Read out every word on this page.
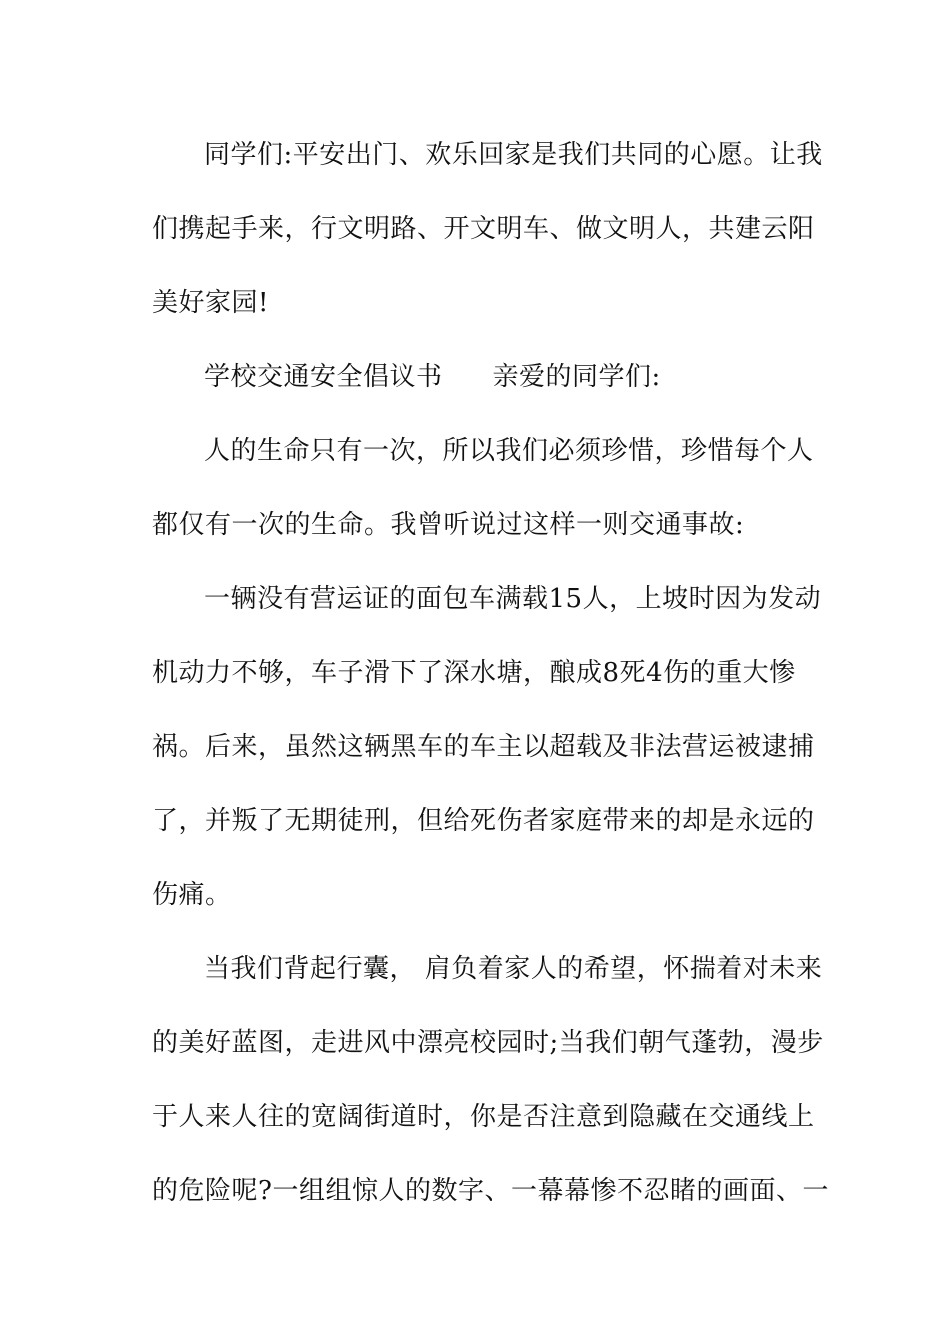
同学们:平安出门、欢乐回家是我们共同的心愿。让我
们携起手来，行文明路、开文明车、做文明人，共建云阳
美好家园!
学校交通安全倡议书 亲爱的同学们:
人的生命只有一次，所以我们必须珍惜，珍惜每个人
都仅有一次的生命。我曾听说过这样一则交通事故:
一辆没有营运证的面包车满载15人，上坡时因为发动
机动力不够，车子滑下了深水塘，酿成8死4伤的重大惨
祸。后来，虽然这辆黑车的车主以超载及非法营运被逮捕
了，并叛了无期徒刑，但给死伤者家庭带来的却是永远的
伤痛。
当我们背起行囊， 肩负着家人的希望，怀揣着对未来
的美好蓝图，走进风中漂亮校园时;当我们朝气蓬勃，漫步
于人来人往的宽阔街道时，你是否注意到隐藏在交通线上
的危险呢?一组组惊人的数字、一幕幕惨不忍睹的画面、一
